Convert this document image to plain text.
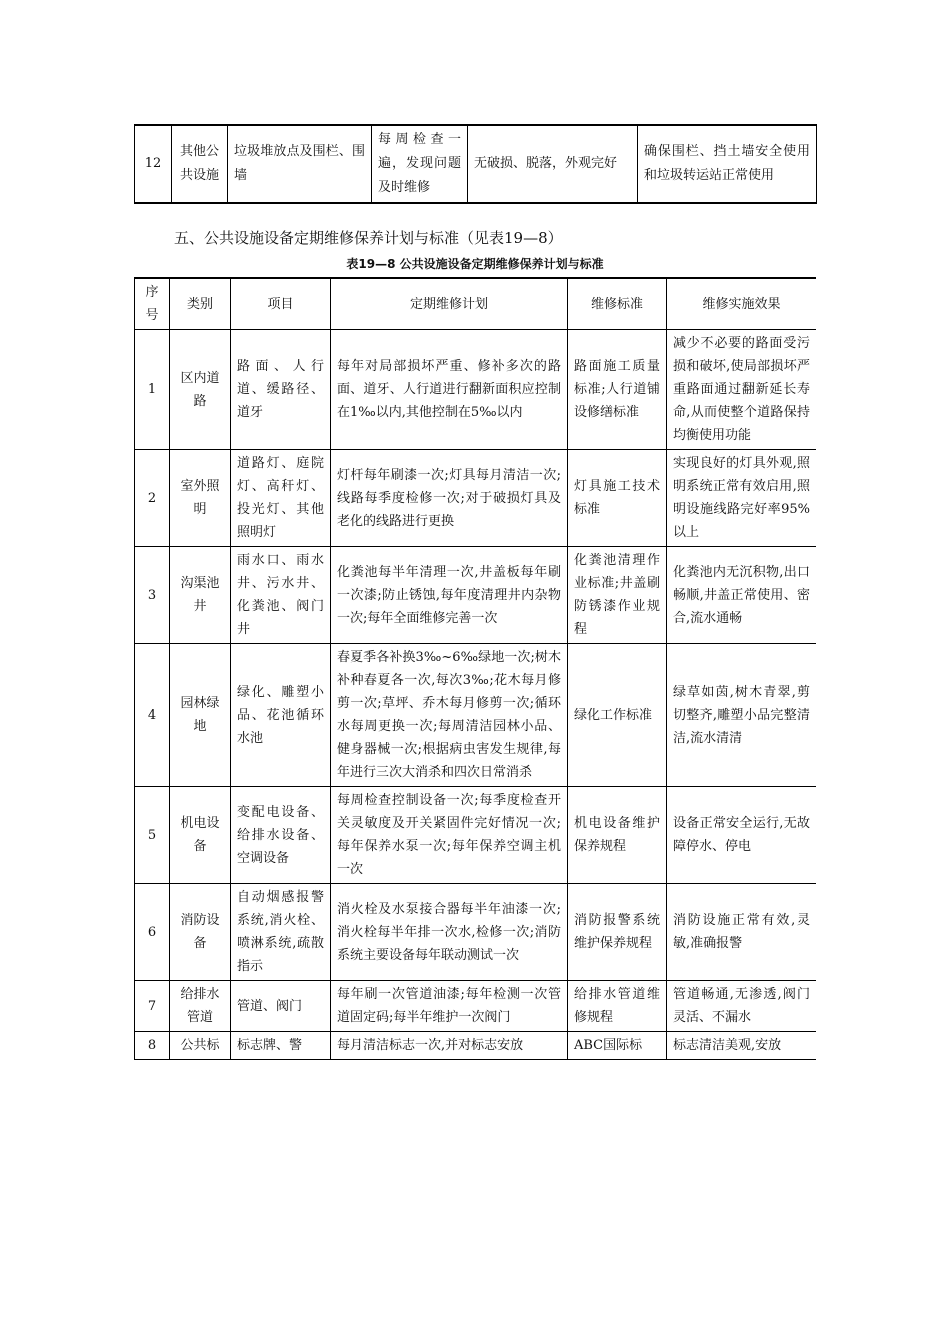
12	其他公共设施	垃圾堆放点及围栏、围墙	每周检查一遍，发现问题及时维修	无破损、脱落，外观完好	确保围栏、挡土墙安全使用和垃圾转运站正常使用
五、公共设施设备定期维修保养计划与标准（见表19—8）
表19—8 公共设施设备定期维修保养计划与标准
序号	类别	项目	定期维修计划	维修标准	维修实施效果
1	区内道路	路面、人行道、缓路径、道牙	每年对局部损坏严重、修补多次的路面、道牙、人行道进行翻新面积应控制在1‰以内,其他控制在5‰以内	路面施工质量标准;人行道铺设修缮标准	减少不必要的路面受污损和破坏,使局部损坏严重路面通过翻新延长寿命,从而使整个道路保持均衡使用功能
2	室外照明	道路灯、庭院灯、高秆灯、投光灯、其他照明灯	灯杆每年刷漆一次;灯具每月清洁一次;线路每季度检修一次;对于破损灯具及老化的线路进行更换	灯具施工技术标准	实现良好的灯具外观,照明系统正常有效启用,照明设施线路完好率95%以上
3	沟渠池井	雨水口、雨水井、污水井、化粪池、阀门井	化粪池每半年清理一次,井盖板每年刷一次漆;防止锈蚀,每年度清理井内杂物一次;每年全面维修完善一次	化粪池清理作业标准;井盖刷防锈漆作业规程	化粪池内无沉积物,出口畅顺,井盖正常使用、密合,流水通畅
4	园林绿地	绿化、雕塑小品、花池循环水池	春夏季各补换3‰~6‰绿地一次;树木补种春夏各一次,每次3‰;花木每月修剪一次;草坪、乔木每月修剪一次;循环水每周更换一次;每周清洁园林小品、健身器械一次;根据病虫害发生规律,每年进行三次大消杀和四次日常消杀	绿化工作标准	绿草如茵,树木青翠,剪切整齐,雕塑小品完整清洁,流水清清
5	机电设备	变配电设备、给排水设备、空调设备	每周检查控制设备一次;每季度检查开关灵敏度及开关紧固件完好情况一次;每年保养水泵一次;每年保养空调主机一次	机电设备维护保养规程	设备正常安全运行,无故障停水、停电
6	消防设备	自动烟感报警系统,消火栓、喷淋系统,疏散指示	消火栓及水泵接合器每半年油漆一次;消火栓每半年排一次水,检修一次;消防系统主要设备每年联动测试一次	消防报警系统维护保养规程	消防设施正常有效,灵敏,准确报警
7	给排水管道	管道、阀门	每年刷一次管道油漆;每年检测一次管道固定码;每半年维护一次阀门	给排水管道维修规程	管道畅通,无渗透,阀门灵活、不漏水
8	公共标	标志牌、警	每月清洁标志一次,并对标志安放	ABC国际标	标志清洁美观,安放
